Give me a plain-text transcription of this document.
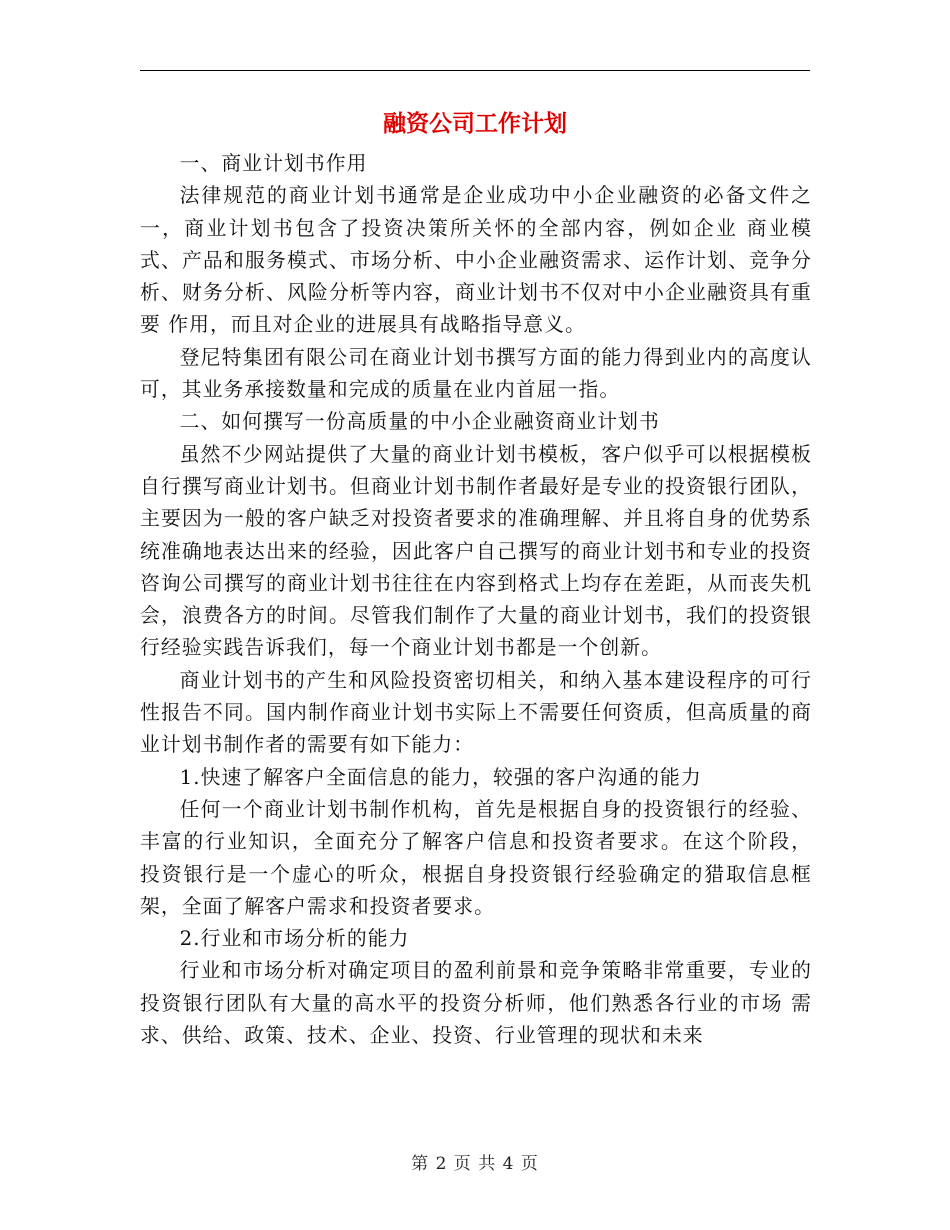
融资公司工作计划

一、商业计划书作用

法律规范的商业计划书通常是企业成功中小企业融资的必备文件之一，商业计划书包含了投资决策所关怀的全部内容，例如企业 商业模式、产品和服务模式、市场分析、中小企业融资需求、运作计划、竞争分析、财务分析、风险分析等内容，商业计划书不仅对中小企业融资具有重要 作用，而且对企业的进展具有战略指导意义。

登尼特集团有限公司在商业计划书撰写方面的能力得到业内的高度认可，其业务承接数量和完成的质量在业内首屈一指。

二、如何撰写一份高质量的中小企业融资商业计划书

虽然不少网站提供了大量的商业计划书模板，客户似乎可以根据模板自行撰写商业计划书。但商业计划书制作者最好是专业的投资银行团队， 主要因为一般的客户缺乏对投资者要求的准确理解、并且将自身的优势系统准确地表达出来的经验，因此客户自己撰写的商业计划书和专业的投资咨询公司撰写的商业计划书往往在内容到格式上均存在差距，从而丧失机会，浪费各方的时间。尽管我们制作了大量的商业计划书，我们的投资银行经验实践告诉我们，每一个商业计划书都是一个创新。

商业计划书的产生和风险投资密切相关，和纳入基本建设程序的可行性报告不同。国内制作商业计划书实际上不需要任何资质，但高质量的商业计划书制作者的需要有如下能力：

1.快速了解客户全面信息的能力，较强的客户沟通的能力

任何一个商业计划书制作机构，首先是根据自身的投资银行的经验、丰富的行业知识，全面充分了解客户信息和投资者要求。在这个阶段， 投资银行是一个虚心的听众，根据自身投资银行经验确定的猎取信息框架，全面了解客户需求和投资者要求。

2.行业和市场分析的能力

行业和市场分析对确定项目的盈利前景和竞争策略非常重要，专业的投资银行团队有大量的高水平的投资分析师，他们熟悉各行业的市场 需求、供给、政策、技术、企业、投资、行业管理的现状和未来

第 2 页 共 4 页
